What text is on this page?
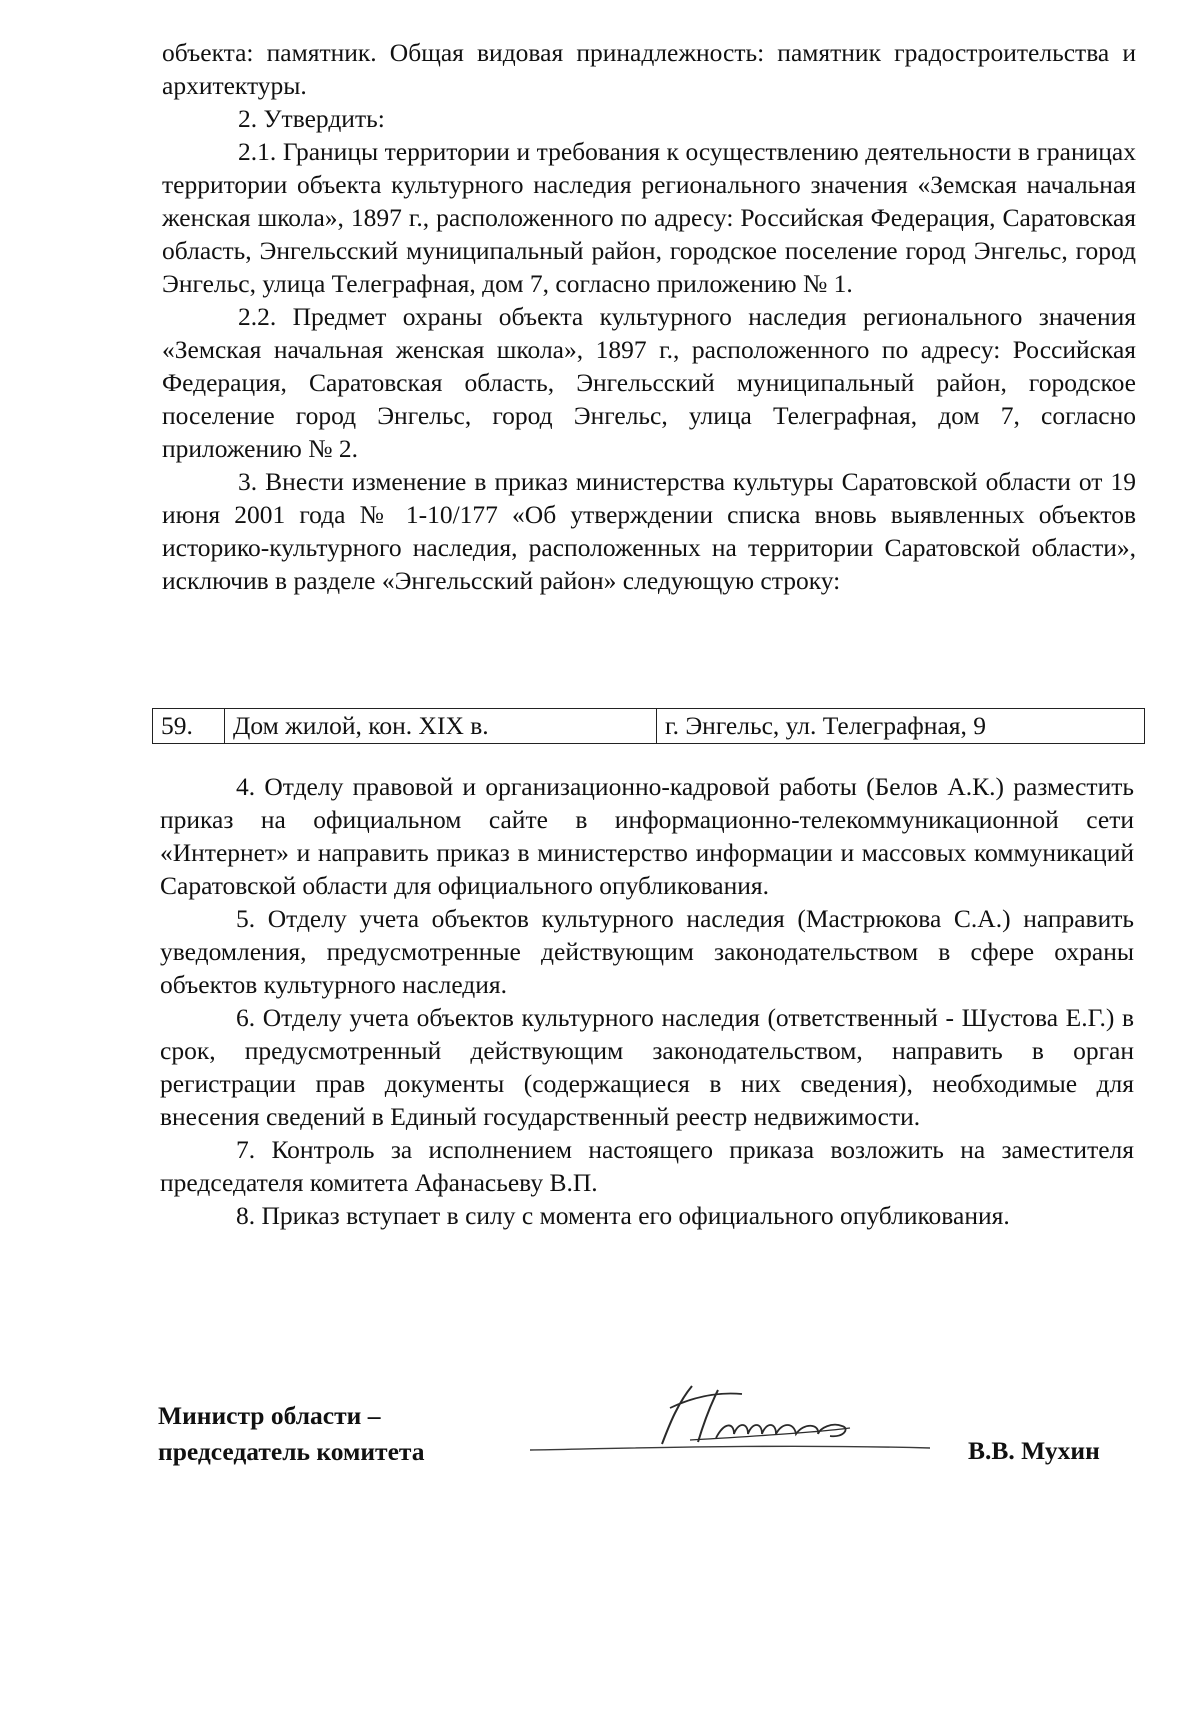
объекта: памятник. Общая видовая принадлежность: памятник градостроительства и архитектуры.

2. Утвердить:

2.1. Границы территории и требования к осуществлению деятельности в границах территории объекта культурного наследия регионального значения «Земская начальная женская школа», 1897 г., расположенного по адресу: Российская Федерация, Саратовская область, Энгельсский муниципальный район, городское поселение город Энгельс, город Энгельс, улица Телеграфная, дом 7, согласно приложению № 1.

2.2. Предмет охраны объекта культурного наследия регионального значения «Земская начальная женская школа», 1897 г., расположенного по адресу: Российская Федерация, Саратовская область, Энгельсский муниципальный район, городское поселение город Энгельс, город Энгельс, улица Телеграфная, дом 7, согласно приложению № 2.

3. Внести изменение в приказ министерства культуры Саратовской области от 19 июня 2001 года № 1-10/177 «Об утверждении списка вновь выявленных объектов историко-культурного наследия, расположенных на территории Саратовской области», исключив в разделе «Энгельсский район» следующую строку:

59.	Дом жилой, кон. XIX в.	г. Энгельс, ул. Телеграфная, 9

4. Отделу правовой и организационно-кадровой работы (Белов А.К.) разместить приказ на официальном сайте в информационно-телекоммуникационной сети «Интернет» и направить приказ в министерство информации и массовых коммуникаций Саратовской области для официального опубликования.

5. Отделу учета объектов культурного наследия (Мастрюкова С.А.) направить уведомления, предусмотренные действующим законодательством в сфере охраны объектов культурного наследия.

6. Отделу учета объектов культурного наследия (ответственный - Шустова Е.Г.) в срок, предусмотренный действующим законодательством, направить в орган регистрации прав документы (содержащиеся в них сведения), необходимые для внесения сведений в Единый государственный реестр недвижимости.

7. Контроль за исполнением настоящего приказа возложить на заместителя председателя комитета Афанасьеву В.П.

8. Приказ вступает в силу с момента его официального опубликования.

Министр области –
председатель комитета	В.В. Мухин
